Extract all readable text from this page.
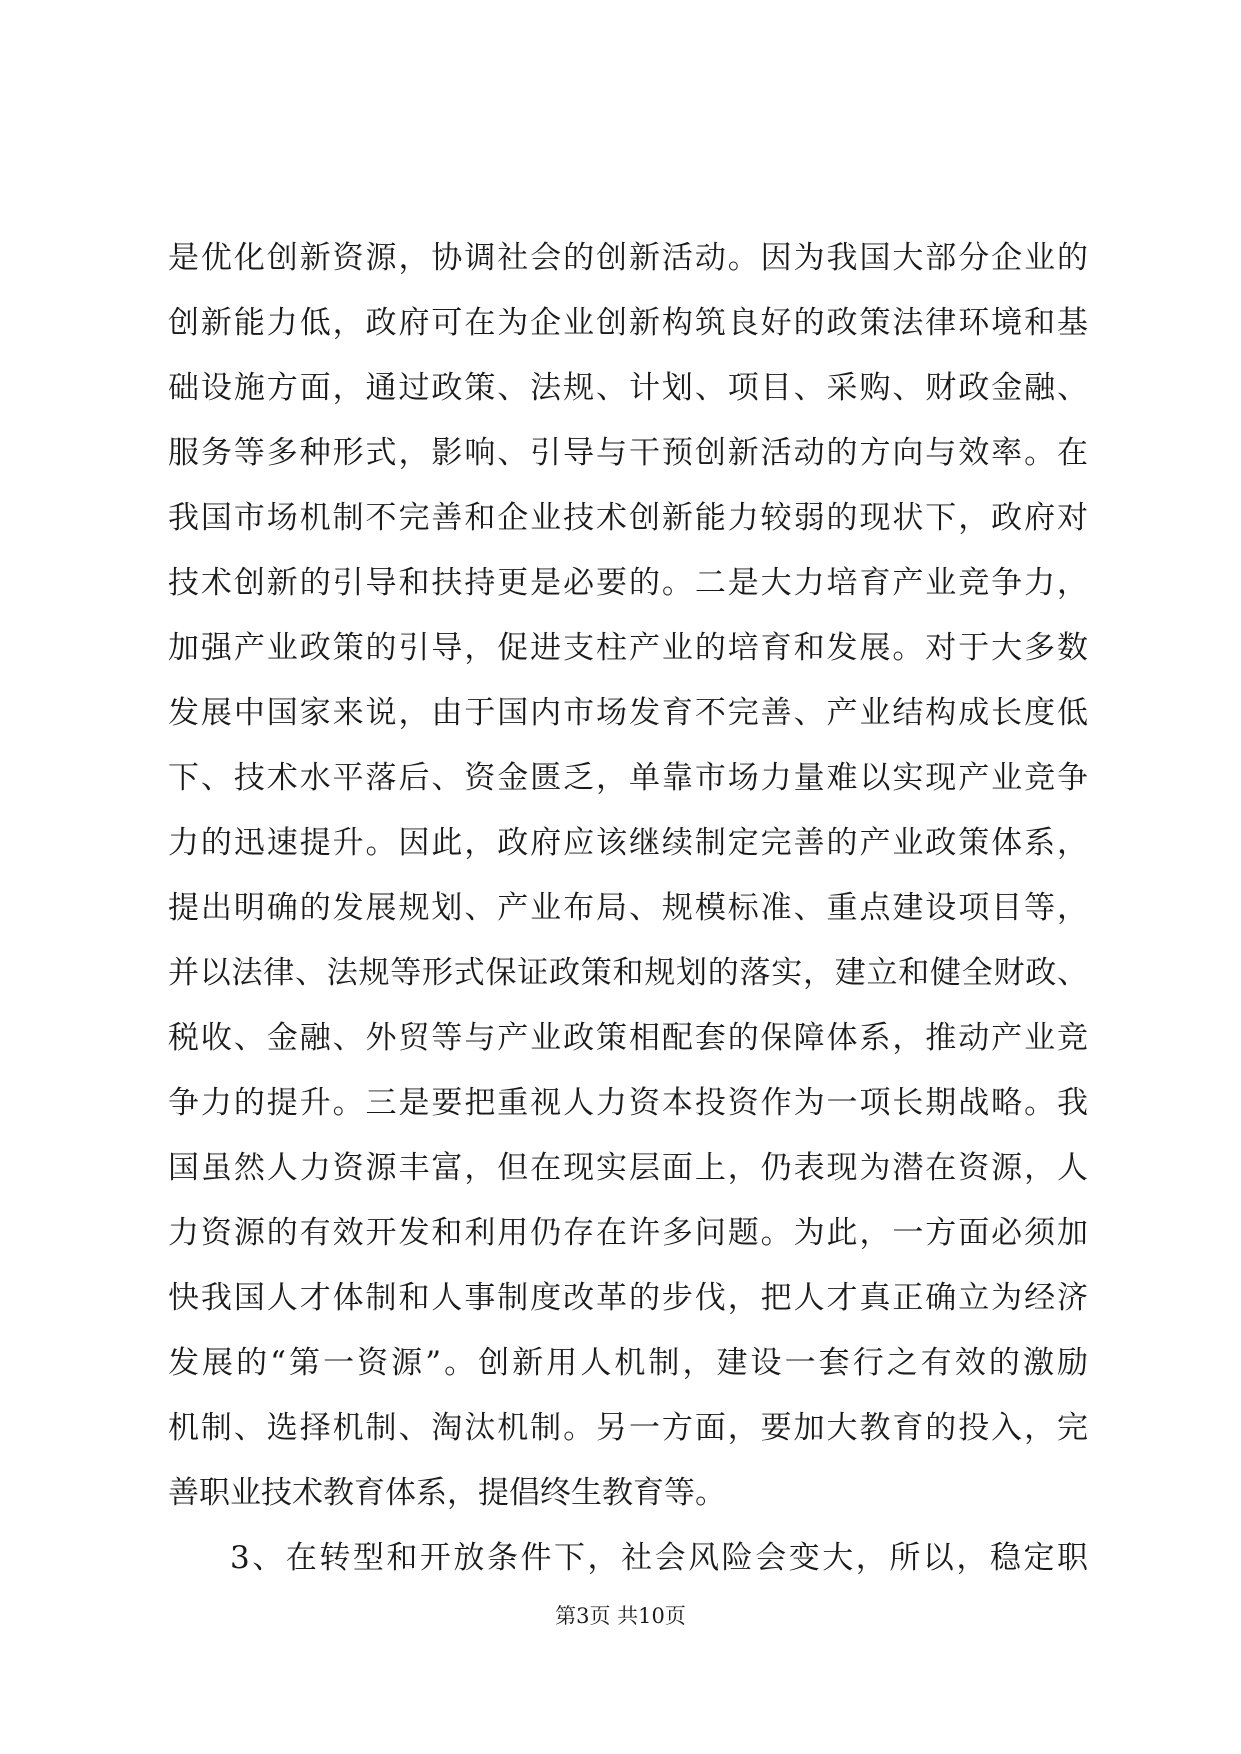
是优化创新资源，协调社会的创新活动。因为我国大部分企业的
创新能力低，政府可在为企业创新构筑良好的政策法律环境和基
础设施方面，通过政策、法规、计划、项目、采购、财政金融、
服务等多种形式，影响、引导与干预创新活动的方向与效率。在
我国市场机制不完善和企业技术创新能力较弱的现状下，政府对
技术创新的引导和扶持更是必要的。二是大力培育产业竞争力，
加强产业政策的引导，促进支柱产业的培育和发展。对于大多数
发展中国家来说，由于国内市场发育不完善、产业结构成长度低
下、技术水平落后、资金匮乏，单靠市场力量难以实现产业竞争
力的迅速提升。因此，政府应该继续制定完善的产业政策体系，
提出明确的发展规划、产业布局、规模标准、重点建设项目等，
并以法律、法规等形式保证政策和规划的落实，建立和健全财政、
税收、金融、外贸等与产业政策相配套的保障体系，推动产业竞
争力的提升。三是要把重视人力资本投资作为一项长期战略。我
国虽然人力资源丰富，但在现实层面上，仍表现为潜在资源，人
力资源的有效开发和利用仍存在许多问题。为此，一方面必须加
快我国人才体制和人事制度改革的步伐，把人才真正确立为经济
发展的“第一资源”。创新用人机制，建设一套行之有效的激励
机制、选择机制、淘汰机制。另一方面，要加大教育的投入，完
善职业技术教育体系，提倡终生教育等。
3、在转型和开放条件下，社会风险会变大，所以，稳定职
第3页 共10页
